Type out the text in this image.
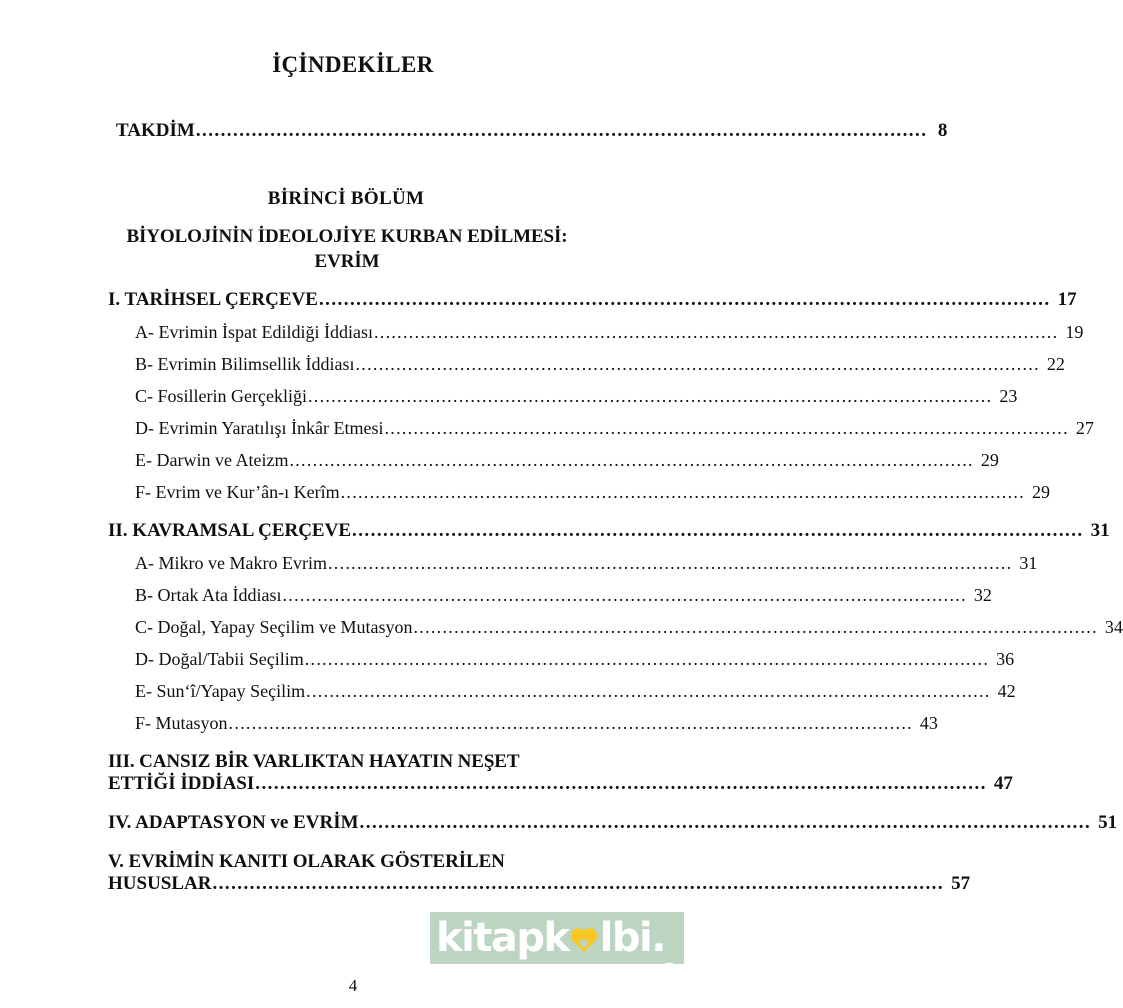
İÇİNDEKİLER
TAKDİM .....	8
BİRİNCİ BÖLÜM
BİYOLOJİNİN İDEOLOJİYE KURBAN EDİLMESİ:
EVRİM
I. TARİHSEL ÇERÇEVE .....	17
A- Evrimin İspat Edildiği İddiası .....	19
B- Evrimin Bilimsellik İddiası .....	22
C- Fosillerin Gerçekliği .....	23
D- Evrimin Yaratılışı İnkâr Etmesi .....	27
E- Darwin ve Ateizm .....	29
F- Evrim ve Kur’ân-ı Kerîm .....	29
II. KAVRAMSAL ÇERÇEVE .....	31
A- Mikro ve Makro Evrim .....	31
B- Ortak Ata İddiası .....	32
C- Doğal, Yapay Seçilim ve Mutasyon .....	34
D- Doğal/Tabii Seçilim .....	36
E- Sunʻî/Yapay Seçilim .....	42
F- Mutasyon .....	43
III. CANSIZ BİR VARLIKTAN HAYATIN NEŞET
ETTİĞİ İDDİASI .....	47
IV. ADAPTASYON ve EVRİM .....	51
V. EVRİMİN KANITI OLARAK GÖSTERİLEN
HUSUSLAR .....	57
kitapk lbi.
com
4
